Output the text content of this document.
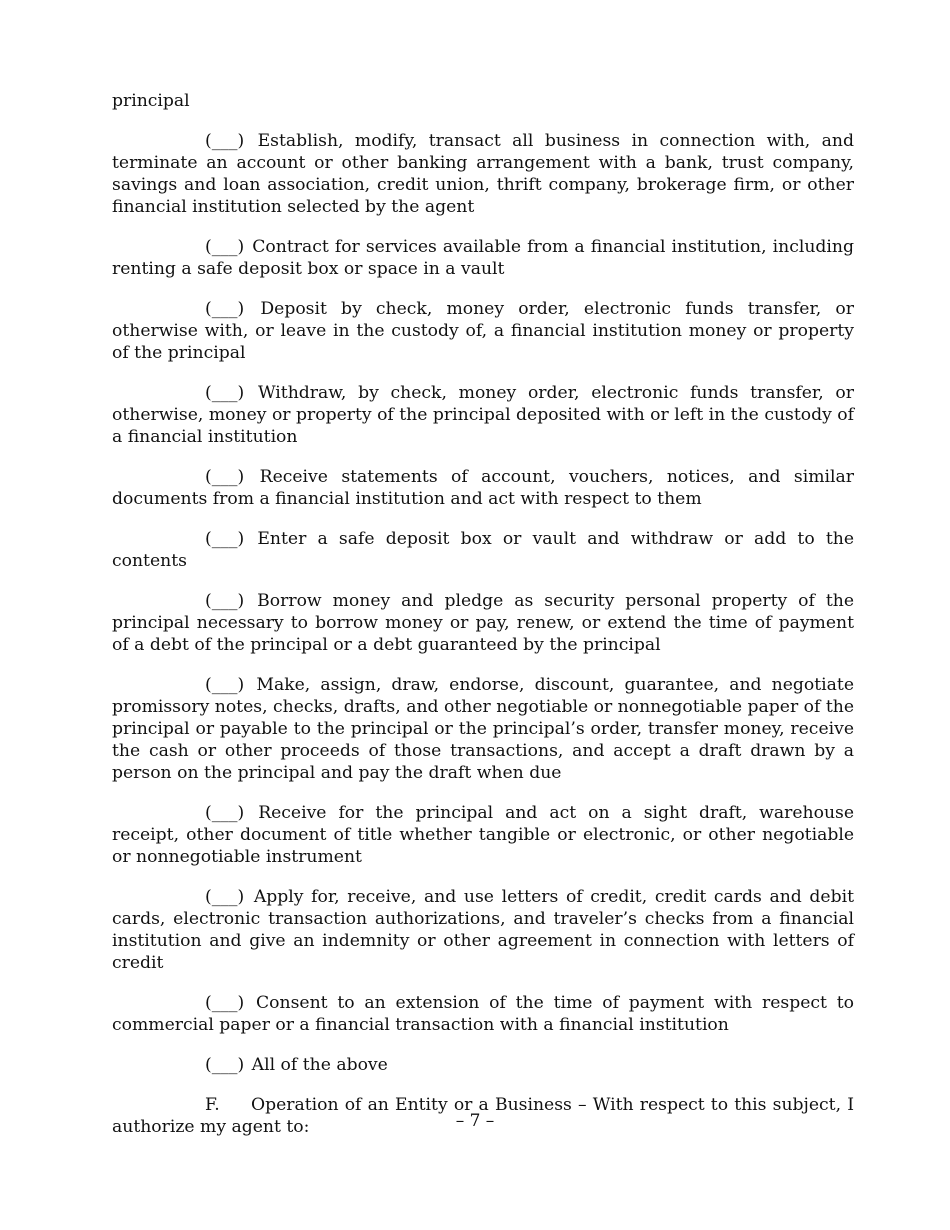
principal

(___) Establish, modify, transact all business in connection with, and terminate an account or other banking arrangement with a bank, trust company, savings and loan association, credit union, thrift company, brokerage firm, or other financial institution selected by the agent

(___) Contract for services available from a financial institution, including renting a safe deposit box or space in a vault

(___) Deposit by check, money order, electronic funds transfer, or otherwise with, or leave in the custody of, a financial institution money or property of the principal

(___) Withdraw, by check, money order, electronic funds transfer, or otherwise, money or property of the principal deposited with or left in the custody of a financial institution

(___) Receive statements of account, vouchers, notices, and similar documents from a financial institution and act with respect to them

(___) Enter a safe deposit box or vault and withdraw or add to the contents

(___) Borrow money and pledge as security personal property of the principal necessary to borrow money or pay, renew, or extend the time of payment of a debt of the principal or a debt guaranteed by the principal

(___) Make, assign, draw, endorse, discount, guarantee, and negotiate promissory notes, checks, drafts, and other negotiable or nonnegotiable paper of the principal or payable to the principal or the principal’s order, transfer money, receive the cash or other proceeds of those transactions, and accept a draft drawn by a person on the principal and pay the draft when due

(___) Receive for the principal and act on a sight draft, warehouse receipt, other document of title whether tangible or electronic, or other negotiable or nonnegotiable instrument

(___) Apply for, receive, and use letters of credit, credit cards and debit cards, electronic transaction authorizations, and traveler’s checks from a financial institution and give an indemnity or other agreement in connection with letters of credit

(___) Consent to an extension of the time of payment with respect to commercial paper or a financial transaction with a financial institution

(___) All of the above

F. Operation of an Entity or a Business – With respect to this subject, I authorize my agent to:	– 7 –
